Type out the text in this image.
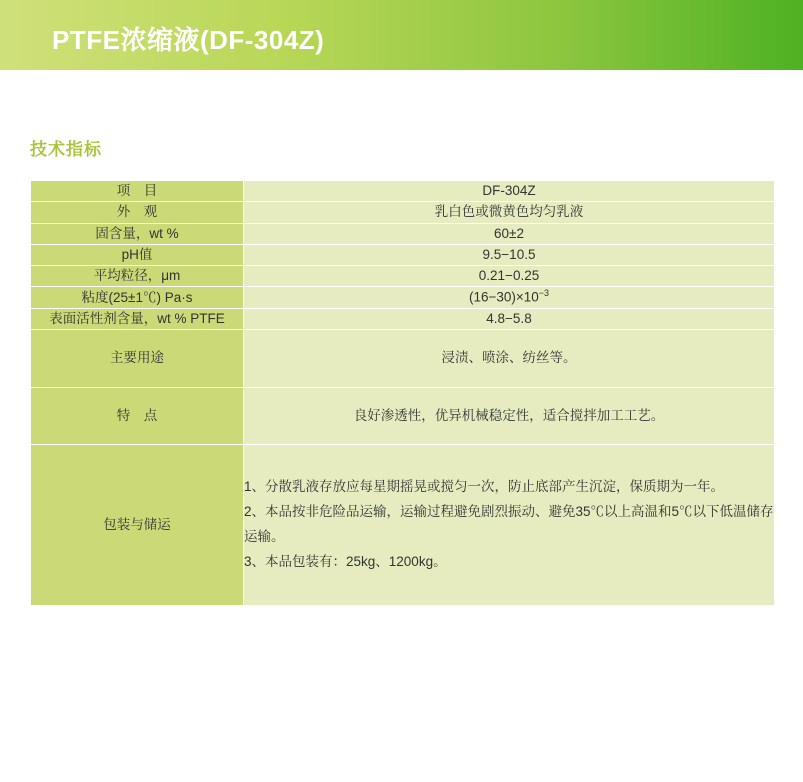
PTFE浓缩液(DF-304Z)
技术指标
项　目	DF-304Z
外　观	乳白色或微黄色均匀乳液
固含量，wt %	60±2
pH值	9.5−10.5
平均粒径，μm	0.21−0.25
粘度(25±1℃) Pa·s	$(16-30)\times 10^{-3}$
表面活性剂含量，wt % PTFE	4.8−5.8
主要用途	浸渍、喷涂、纺丝等。
特　点	良好渗透性，优异机械稳定性，适合搅拌加工工艺。
包装与储运	1、分散乳液存放应每星期摇晃或搅匀一次，防止底部产生沉淀，保质期为一年。

2、本品按非危险品运输，运输过程避免剧烈振动、避免35℃以上高温和5℃以下低温储存运输。

3、本品包装有：25kg、1200kg。
